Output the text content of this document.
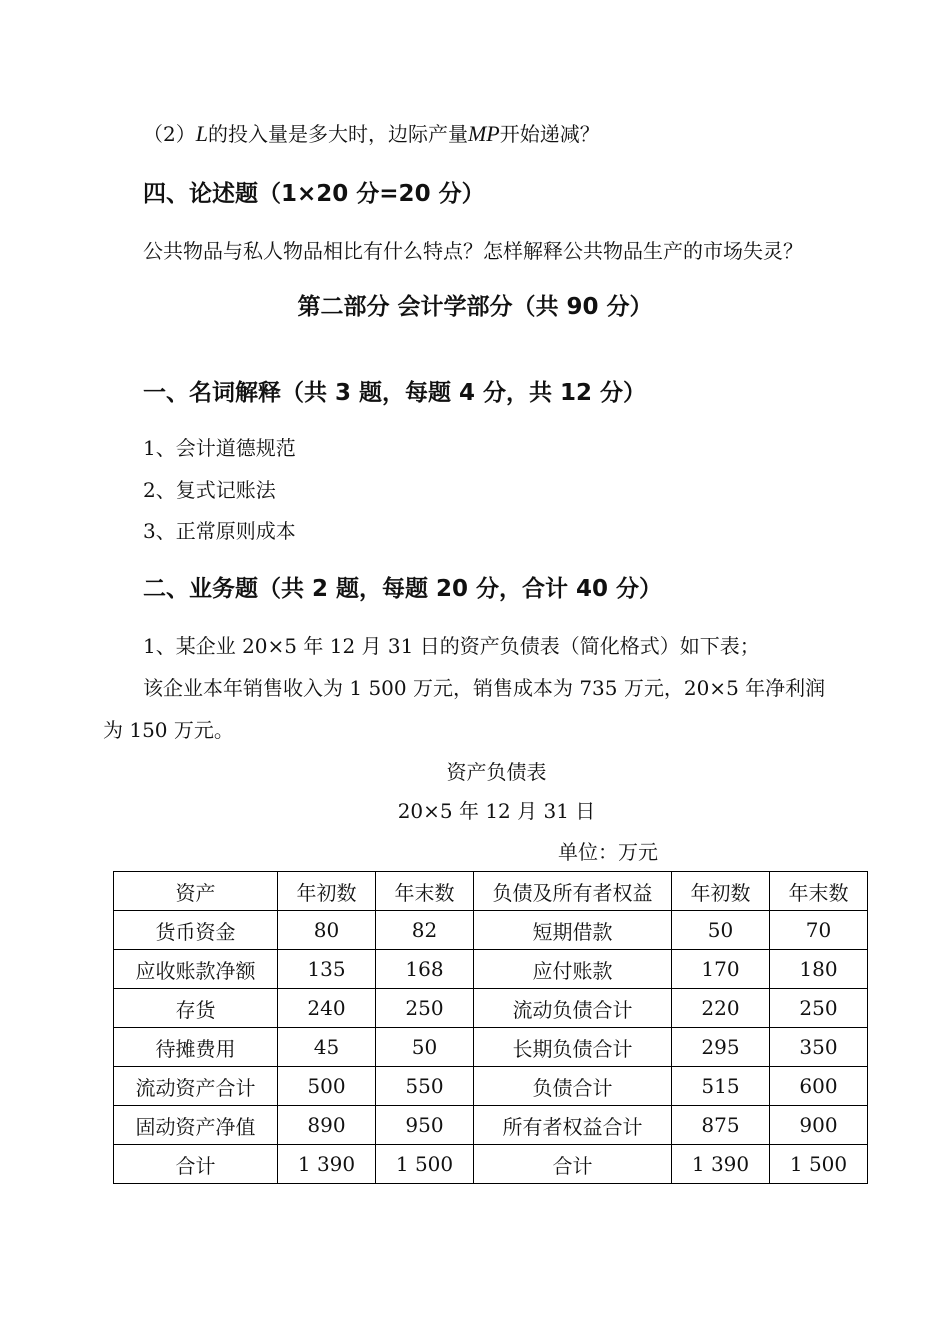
（2）L的投入量是多大时，边际产量MP开始递减？
四、论述题（1×20 分=20 分）
公共物品与私人物品相比有什么特点？怎样解释公共物品生产的市场失灵？
第二部分 会计学部分（共 90 分）
一、名词解释（共 3 题，每题 4 分，共 12 分）
1、会计道德规范
2、复式记账法
3、正常原则成本
二、业务题（共 2 题，每题 20 分，合计 40 分）
1、某企业 20×5 年 12 月 31 日的资产负债表（简化格式）如下表；
该企业本年销售收入为 1 500 万元，销售成本为 735 万元，20×5 年净利润
为 150 万元。
资产负债表
20×5 年 12 月 31 日
单位：万元
资产	年初数	年末数	负债及所有者权益	年初数	年末数
货币资金	80	82	短期借款	50	70
应收账款净额	135	168	应付账款	170	180
存货	240	250	流动负债合计	220	250
待摊费用	45	50	长期负债合计	295	350
流动资产合计	500	550	负债合计	515	600
固动资产净值	890	950	所有者权益合计	875	900
合计	1 390	1 500	合计	1 390	1 500
